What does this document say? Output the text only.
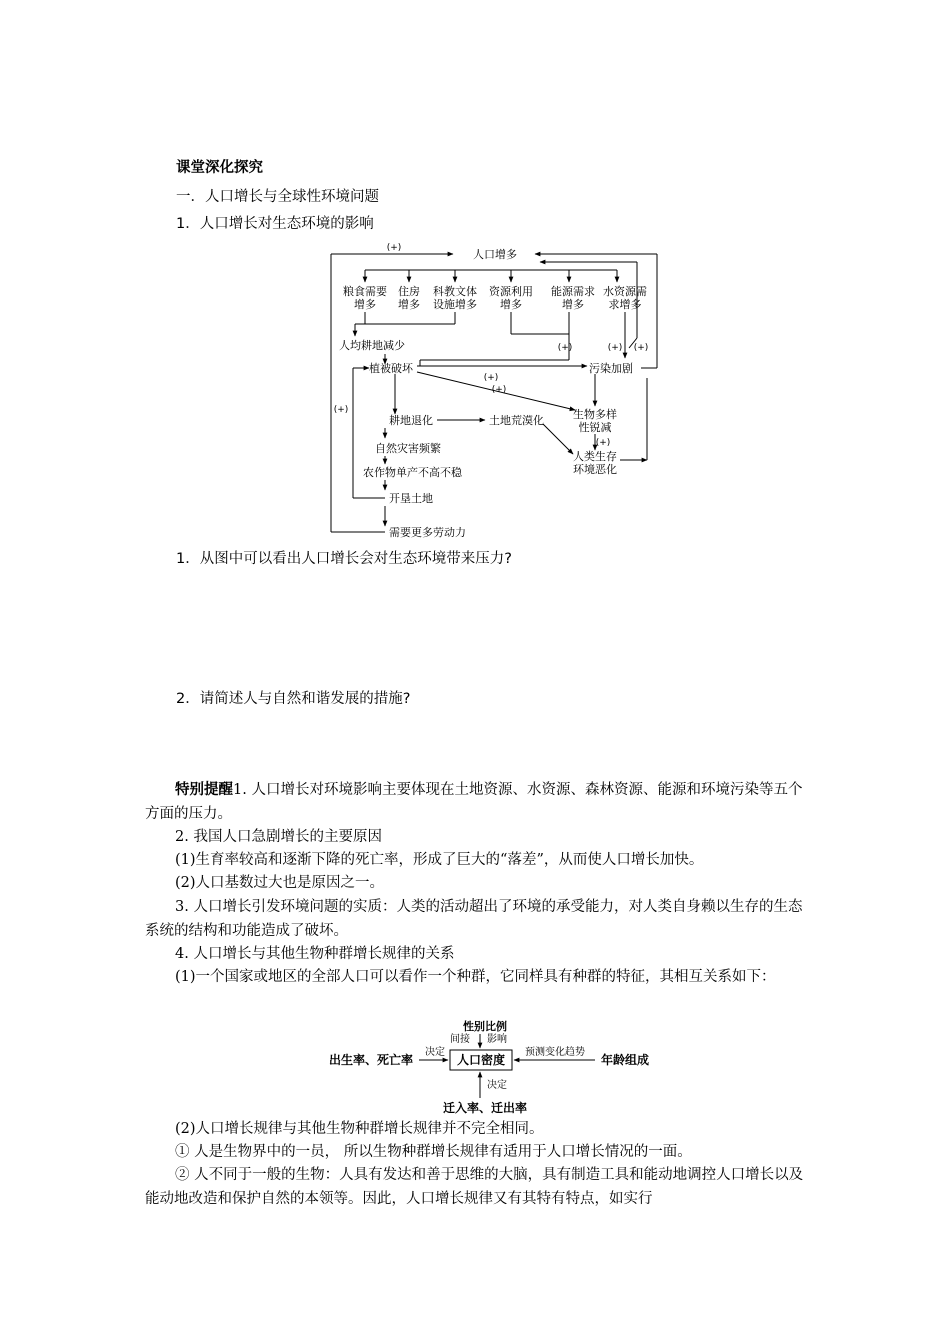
课堂深化探究
一．人口增长与全球性环境问题
1．人口增长对生态环境的影响
人口增多
(+)
粮食需要
增多
住房
增多
科教文体
设施增多
资源利用
增多
能源需求
增多
水资源需
求增多
人均耕地减少	(+)	(+) (+)
植被破坏	污染加剧
(+)
(+)
(+)
耕地退化	土地荒漠化	生物多样
性锐减
(+)
自然灾害频繁
农作物单产不高不稳
人类生存
环境恶化
开垦土地
需要更多劳动力
1．从图中可以看出人口增长会对生态环境带来压力?
2．请简述人与自然和谐发展的措施?
特别提醒1. 人口增长对环境影响主要体现在土地资源、水资源、森林资源、能源和环境污染等五个方面的压力。
2. 我国人口急剧增长的主要原因
(1)生育率较高和逐渐下降的死亡率，形成了巨大的“落差”，从而使人口增长加快。
(2)人口基数过大也是原因之一。
3. 人口增长引发环境问题的实质：人类的活动超出了环境的承受能力，对人类自身赖以生存的生态系统的结构和功能造成了破坏。
4. 人口增长与其他生物种群增长规律的关系
(1)一个国家或地区的全部人口可以看作一个种群，它同样具有种群的特征，其相互关系如下：
人口密度
性别比例
间接 影响
出生率、死亡率
决定
年龄组成
预测变化趋势
决定
迁入率、迁出率
(2)人口增长规律与其他生物种群增长规律并不完全相同。
① 人是生物界中的一员， 所以生物种群增长规律有适用于人口增长情况的一面。
② 人不同于一般的生物：人具有发达和善于思维的大脑，具有制造工具和能动地调控人口增长以及能动地改造和保护自然的本领等。因此，人口增长规律又有其特有特点，如实行
